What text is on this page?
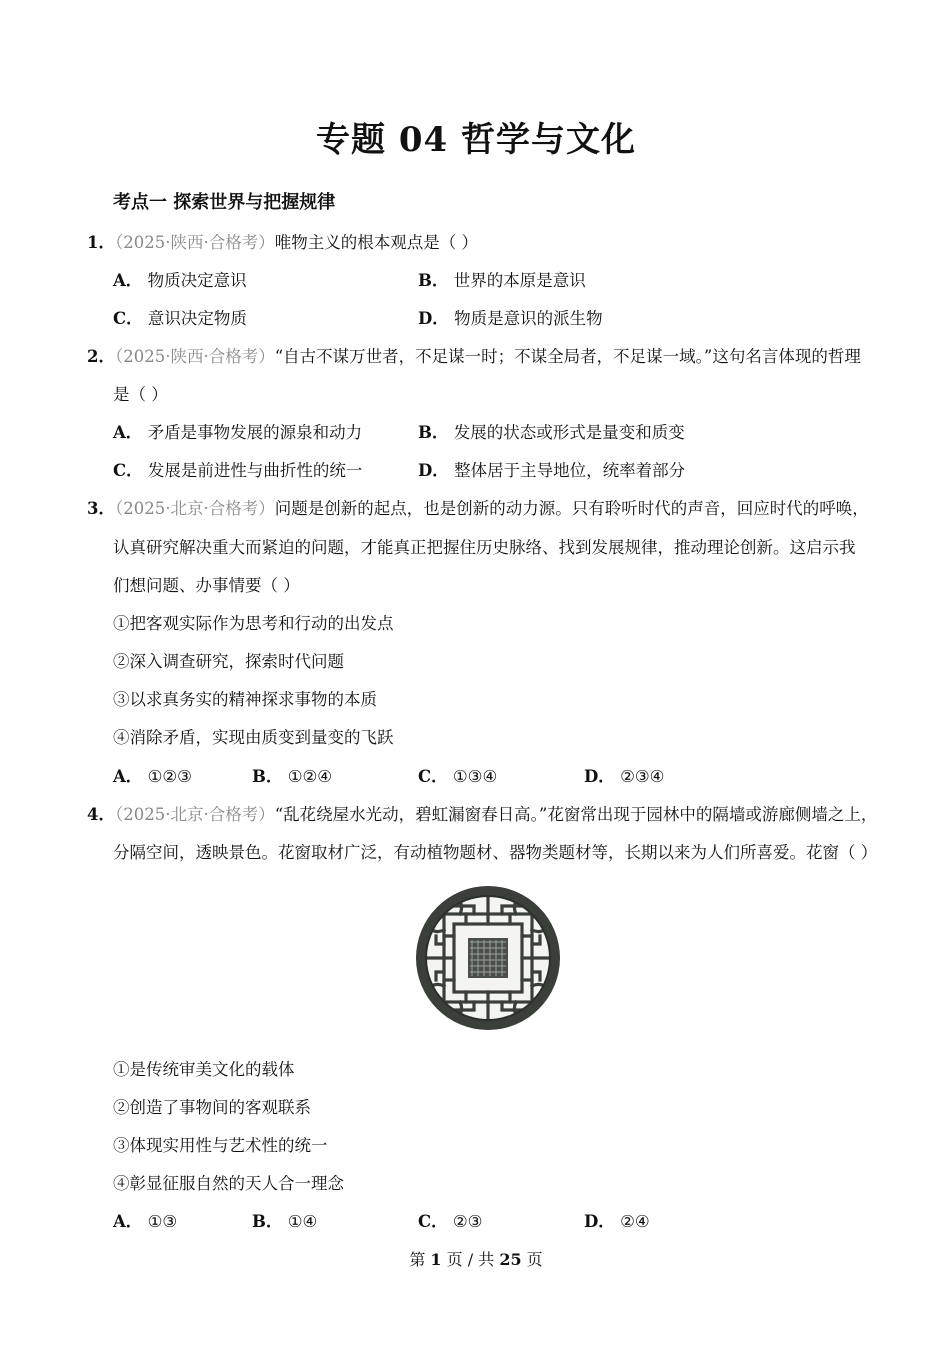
专题 04 哲学与文化
考点一 探索世界与把握规律
1．（2025·陕西·合格考）唯物主义的根本观点是（ ）
A． 物质决定意识	B． 世界的本原是意识
C． 意识决定物质	D． 物质是意识的派生物
2．（2025·陕西·合格考）“自古不谋万世者，不足谋一时；不谋全局者，不足谋一域。”这句名言体现的哲理
是（ ）
A． 矛盾是事物发展的源泉和动力	B． 发展的状态或形式是量变和质变
C． 发展是前进性与曲折性的统一	D． 整体居于主导地位，统率着部分
3．（2025·北京·合格考）问题是创新的起点，也是创新的动力源。只有聆听时代的声音，回应时代的呼唤，
认真研究解决重大而紧迫的问题，才能真正把握住历史脉络、找到发展规律，推动理论创新。这启示我
们想问题、办事情要（ ）
①把客观实际作为思考和行动的出发点
②深入调查研究，探索时代问题
③以求真务实的精神探求事物的本质
④消除矛盾，实现由质变到量变的飞跃
A． ①②③	B． ①②④	C． ①③④	D． ②③④
4．（2025·北京·合格考）“乱花绕屋水光动，碧虹漏窗春日高。”花窗常出现于园林中的隔墙或游廊侧墙之上，
分隔空间，透映景色。花窗取材广泛，有动植物题材、器物类题材等，长期以来为人们所喜爱。花窗（ ）
①是传统审美文化的载体
②创造了事物间的客观联系
③体现实用性与艺术性的统一
④彰显征服自然的天人合一理念
A． ①③	B． ①④	C． ②③	D． ②④
第 1 页 / 共 25 页
